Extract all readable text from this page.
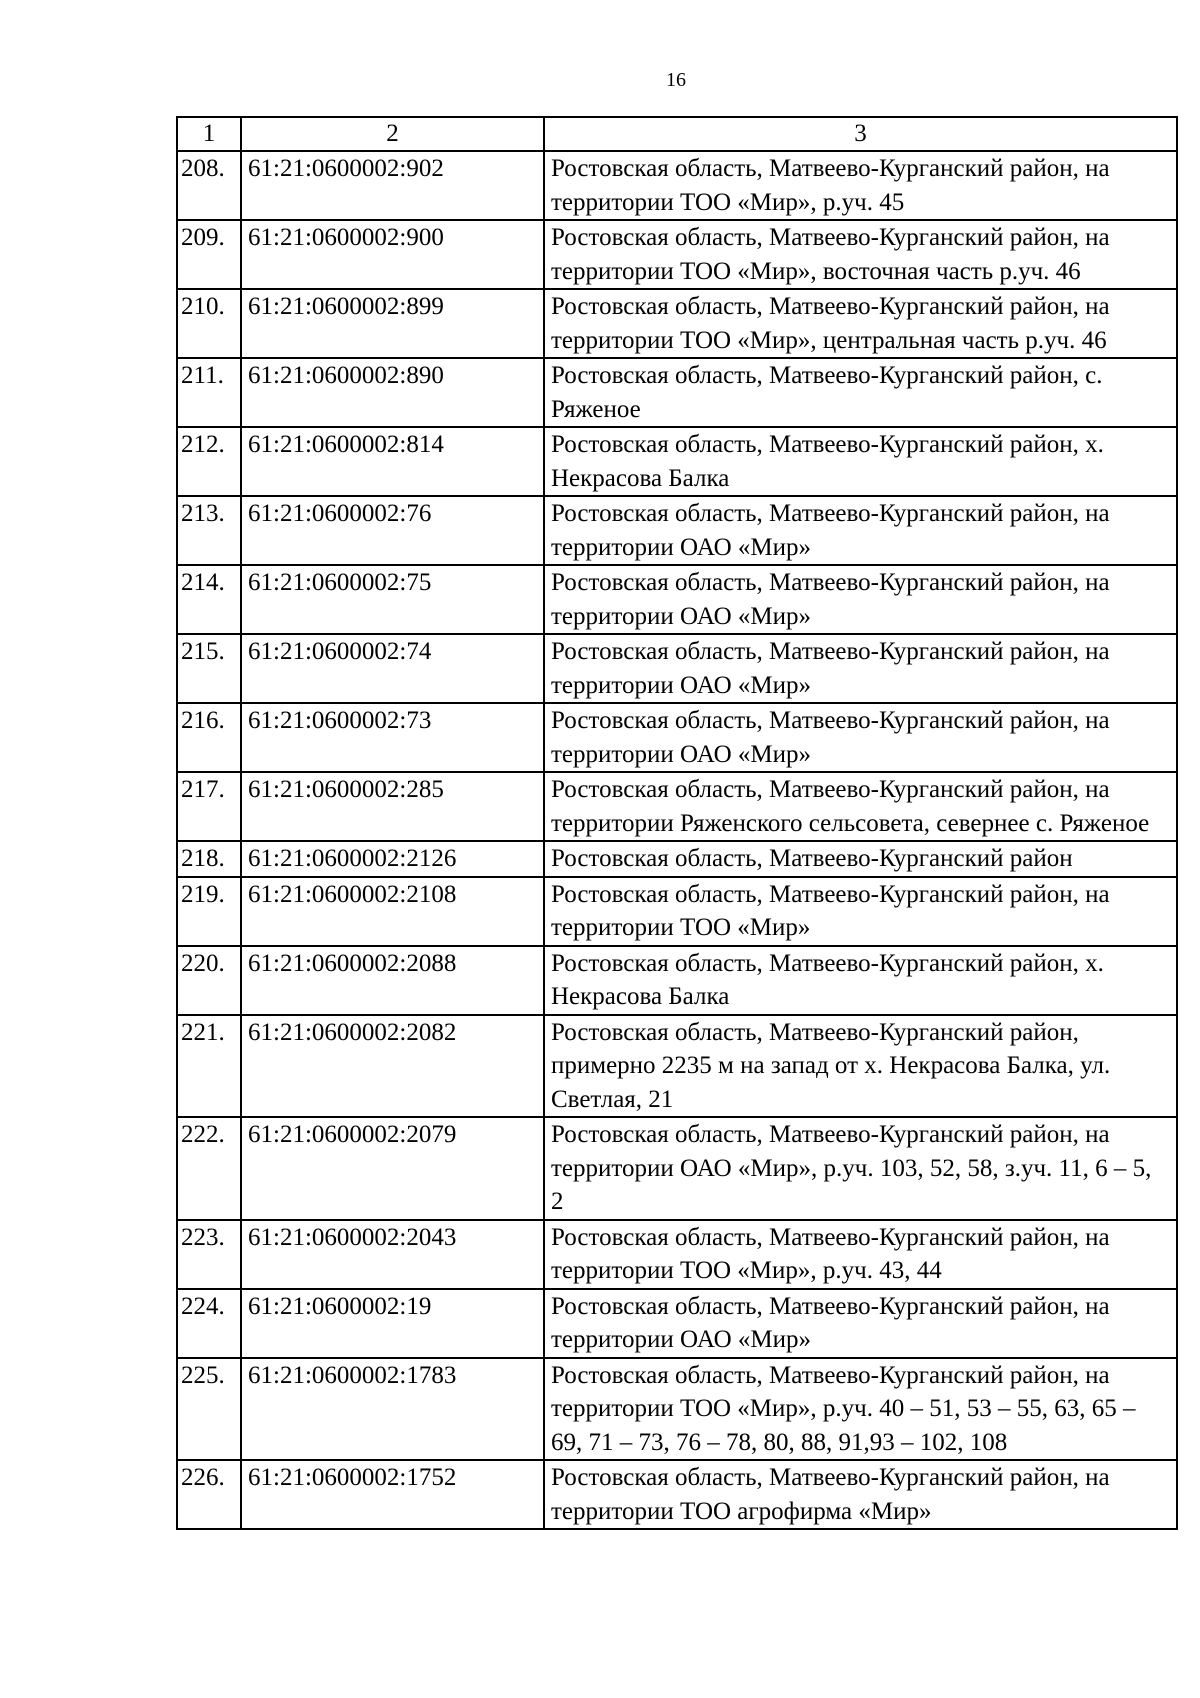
16
1	2	3
208.	61:21:0600002:902	Ростовская область, Матвеево-Курганский район, на территории ТОО «Мир», р.уч. 45
209.	61:21:0600002:900	Ростовская область, Матвеево-Курганский район, на территории ТОО «Мир», восточная часть р.уч. 46
210.	61:21:0600002:899	Ростовская область, Матвеево-Курганский район, на территории ТОО «Мир», центральная часть р.уч. 46
211.	61:21:0600002:890	Ростовская область, Матвеево-Курганский район, с. Ряженое
212.	61:21:0600002:814	Ростовская область, Матвеево-Курганский район, х. Некрасова Балка
213.	61:21:0600002:76	Ростовская область, Матвеево-Курганский район, на территории ОАО «Мир»
214.	61:21:0600002:75	Ростовская область, Матвеево-Курганский район, на территории ОАО «Мир»
215.	61:21:0600002:74	Ростовская область, Матвеево-Курганский район, на территории ОАО «Мир»
216.	61:21:0600002:73	Ростовская область, Матвеево-Курганский район, на территории ОАО «Мир»
217.	61:21:0600002:285	Ростовская область, Матвеево-Курганский район, на территории Ряженского сельсовета, севернее с. Ряженое
218.	61:21:0600002:2126	Ростовская область, Матвеево-Курганский район
219.	61:21:0600002:2108	Ростовская область, Матвеево-Курганский район, на территории ТОО «Мир»
220.	61:21:0600002:2088	Ростовская область, Матвеево-Курганский район, х. Некрасова Балка
221.	61:21:0600002:2082	Ростовская область, Матвеево-Курганский район, примерно 2235 м на запад от х. Некрасова Балка, ул. Светлая, 21
222.	61:21:0600002:2079	Ростовская область, Матвеево-Курганский район, на территории ОАО «Мир», р.уч. 103, 52, 58, з.уч. 11, 6 – 5, 2
223.	61:21:0600002:2043	Ростовская область, Матвеево-Курганский район, на территории ТОО «Мир», р.уч. 43, 44
224.	61:21:0600002:19	Ростовская область, Матвеево-Курганский район, на территории ОАО «Мир»
225.	61:21:0600002:1783	Ростовская область, Матвеево-Курганский район, на территории ТОО «Мир», р.уч. 40 – 51, 53 – 55, 63, 65 – 69, 71 – 73, 76 – 78, 80, 88, 91,93 – 102, 108
226.	61:21:0600002:1752	Ростовская область, Матвеево-Курганский район, на территории ТОО агрофирма «Мир»
